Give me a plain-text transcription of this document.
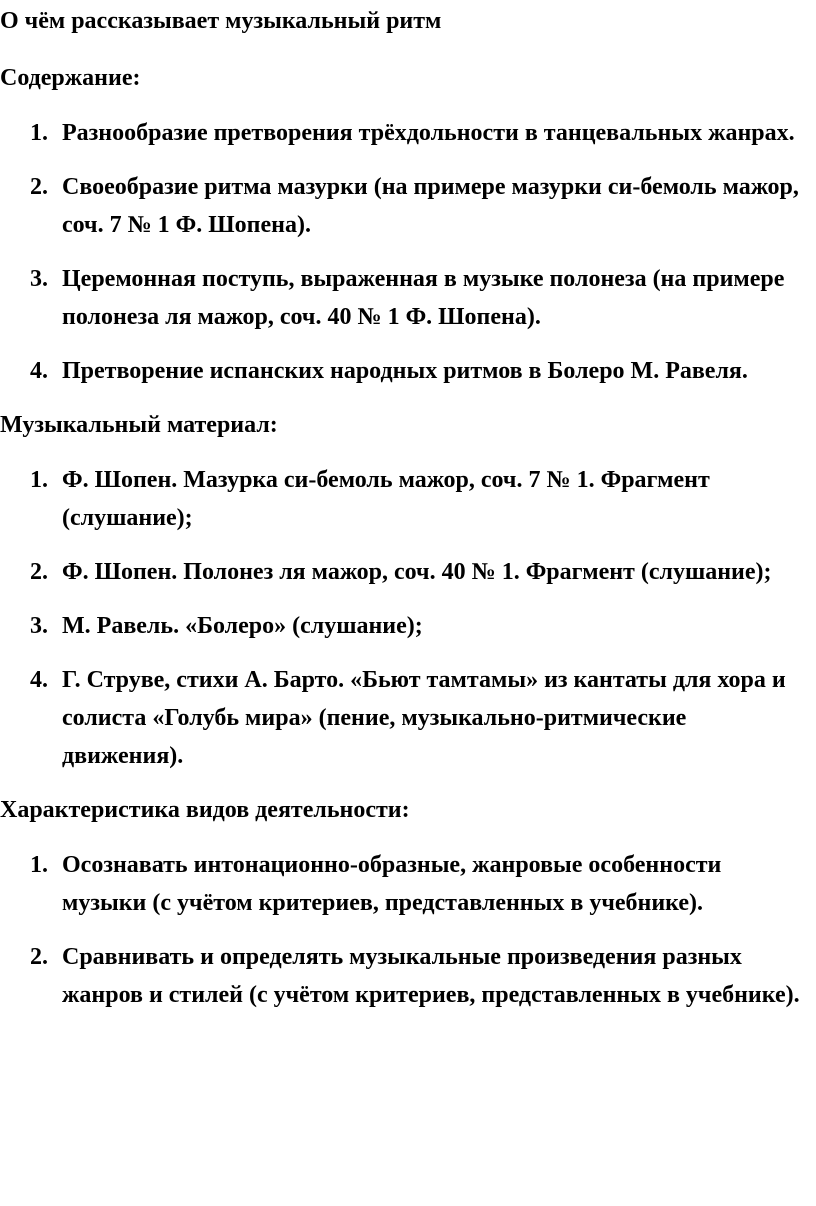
О чём рассказывает музыкальный ритм
Содержание:
1. Разнообразие претворения трёхдольности в танцевальных жанрах.
2. Своеобразие ритма мазурки (на примере мазурки си-бемоль мажор, соч. 7 № 1 Ф. Шопена).
3. Церемонная поступь, выраженная в музыке полонеза (на примере полонеза ля мажор, соч. 40 № 1 Ф. Шопена).
4. Претворение испанских народных ритмов в Болеро М. Равеля.
Музыкальный материал:
1. Ф. Шопен. Мазурка си-бемоль мажор, соч. 7 № 1. Фрагмент (слушание);
2. Ф. Шопен. Полонез ля мажор, соч. 40 № 1. Фрагмент (слушание);
3. М. Равель. «Болеро» (слушание);
4. Г. Струве, стихи А. Барто. «Бьют тамтамы» из кантаты для хора и солиста «Голубь мира» (пение, музыкально-ритмические движения).
Характеристика видов деятельности:
1. Осознавать интонационно-образные, жанровые особенности музыки (с учётом критериев, представленных в учебнике).
2. Сравнивать и определять музыкальные произведения разных жанров и стилей (с учётом критериев, представленных в учебнике).
